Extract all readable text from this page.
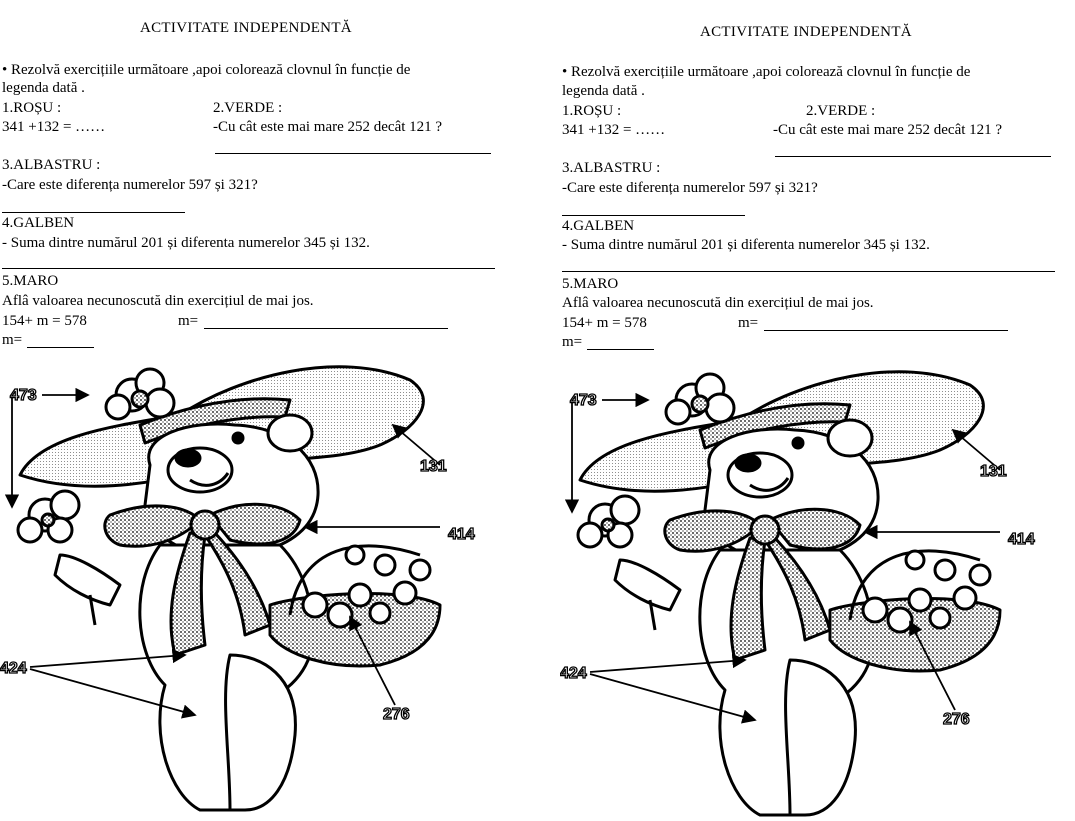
ACTIVITATE INDEPENDENTĂ
• Rezolvă exercițiile următoare ,apoi colorează clovnul în funcție de
legenda dată .
1.ROȘU :
341 +132 = ……
2.VERDE :
-Cu cât este mai mare 252 decât 121 ?
3.ALBASTRU :
-Care este diferența numerelor 597 și 321?
4.GALBEN
- Suma dintre numărul 201 și diferenta numerelor 345 și 132.
5.MARO
Aflâ valoarea necunoscută din exercițiul de mai jos.
154+ m = 578	m=
m=
473
131
414
424
276
ACTIVITATE INDEPENDENTĂ
• Rezolvă exercițiile următoare ,apoi colorează clovnul în funcție de
legenda dată .
1.ROȘU :
341 +132 = ……
2.VERDE :
-Cu cât este mai mare 252 decât 121 ?
3.ALBASTRU :
-Care este diferența numerelor 597 și 321?
4.GALBEN
- Suma dintre numărul 201 și diferenta numerelor 345 și 132.
5.MARO
Aflâ valoarea necunoscută din exercițiul de mai jos.
154+ m = 578	m=
m=
473
131
414
424
276
